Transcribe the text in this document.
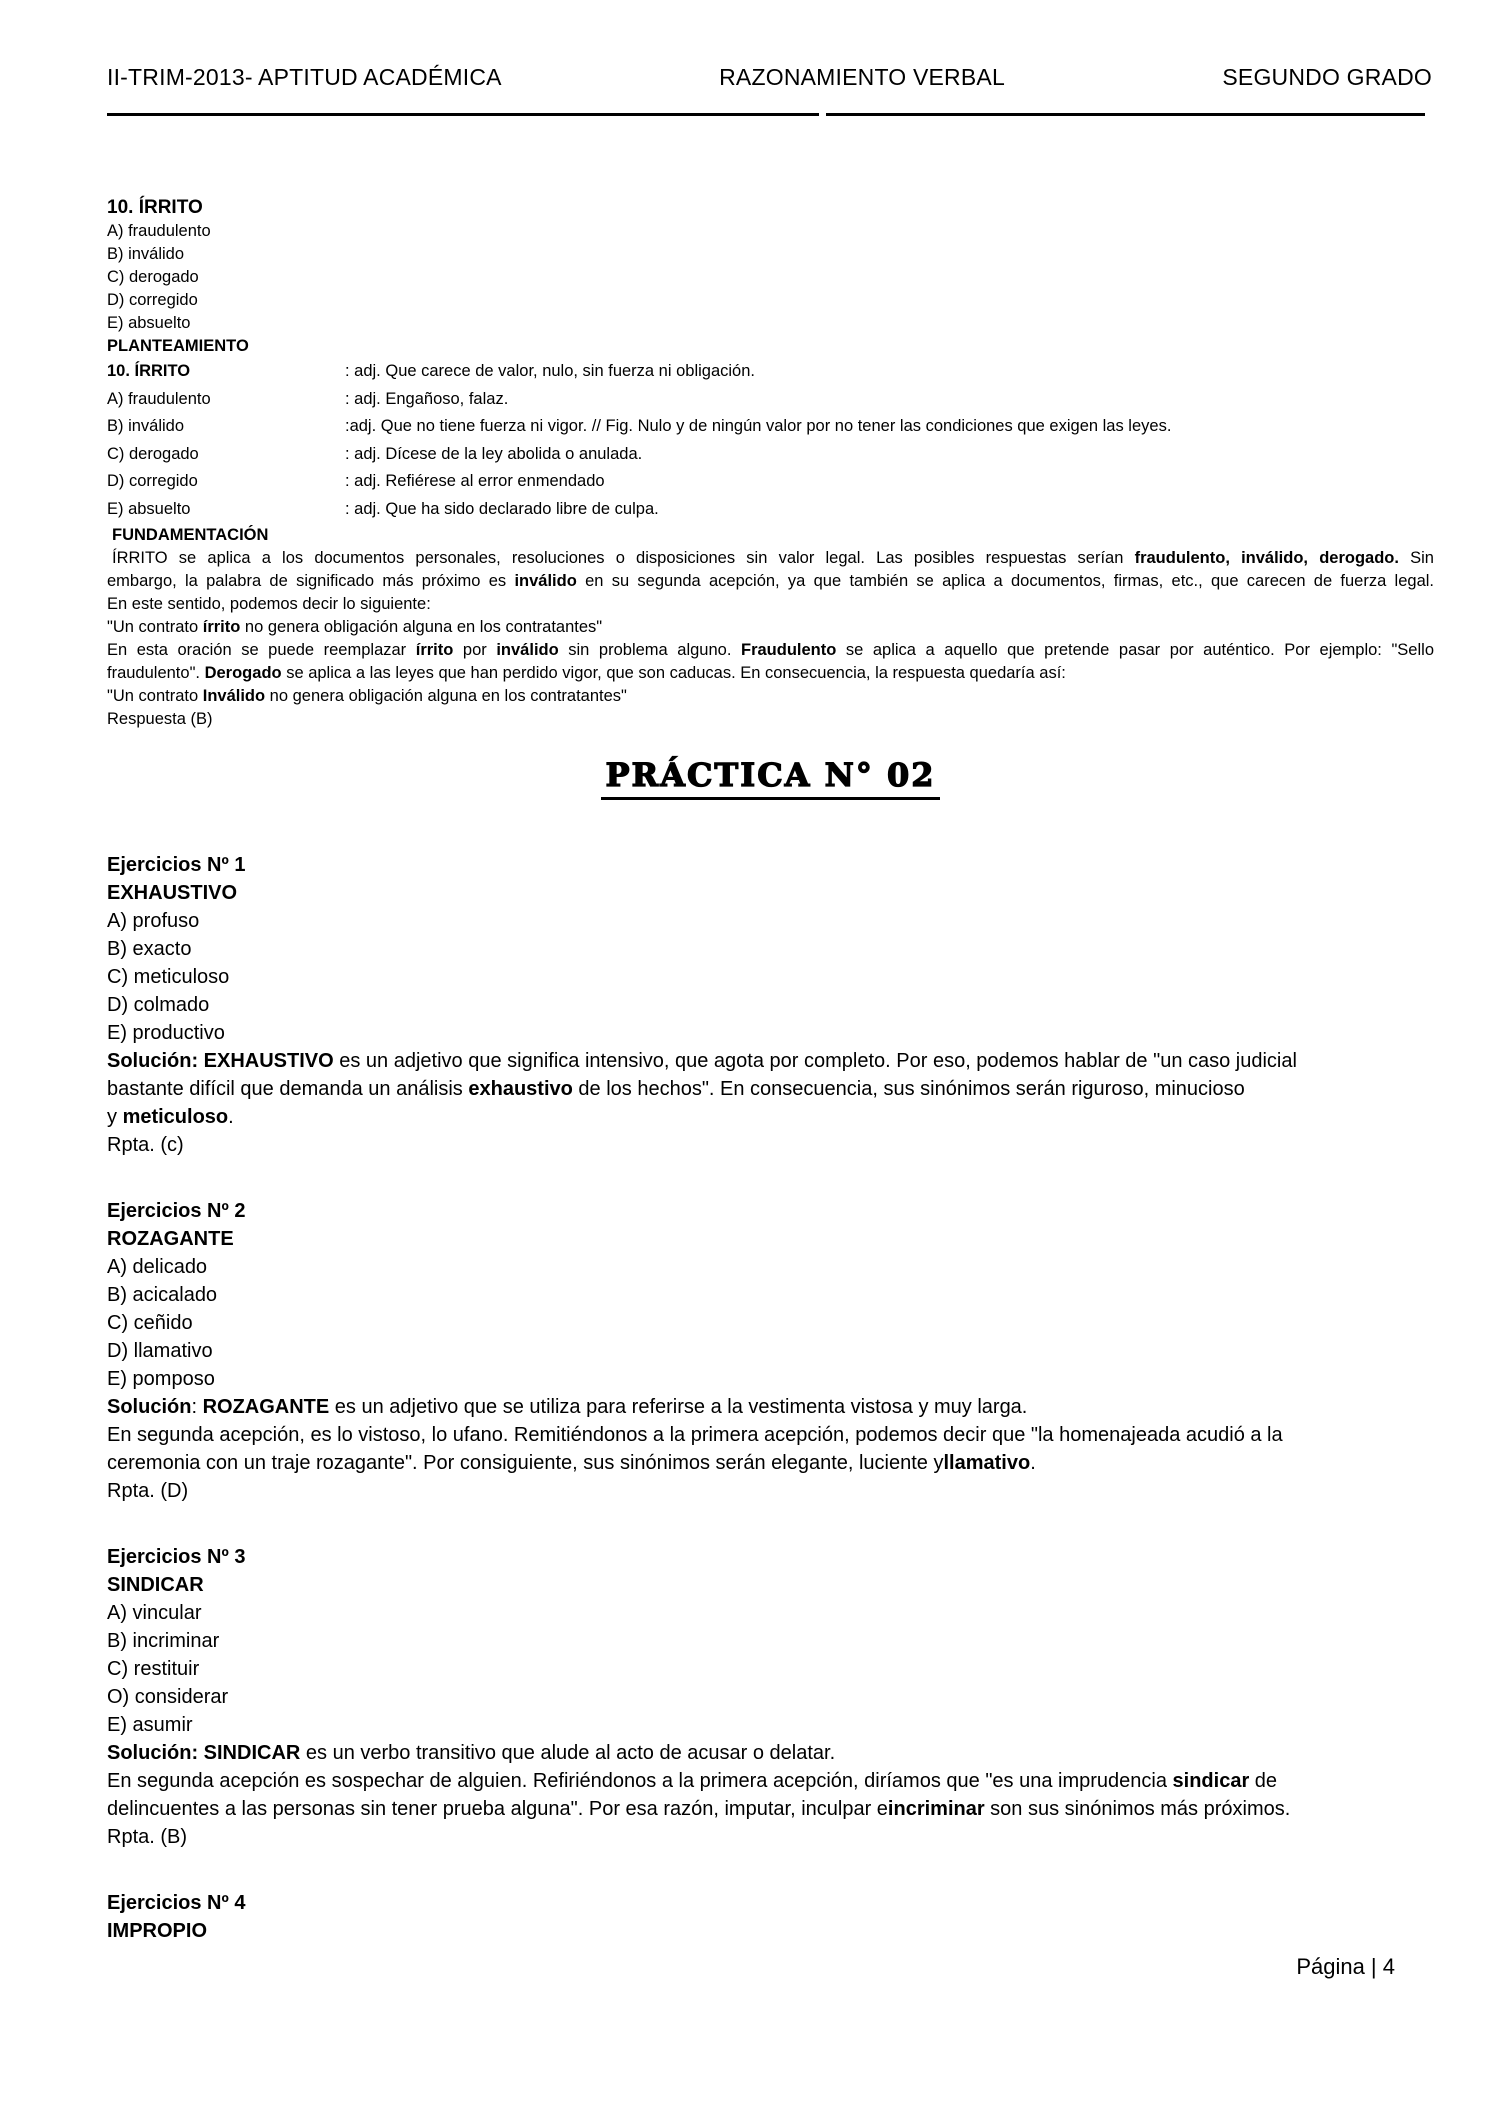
II-TRIM-2013- APTITUD ACADÉMICA	RAZONAMIENTO VERBAL	SEGUNDO GRADO
10. ÍRRITO
A) fraudulento
B) inválido
C) derogado
D) corregido
E) absuelto
PLANTEAMIENTO
10. ÍRRITO	: adj. Que carece de valor, nulo, sin fuerza ni obligación.
A) fraudulento	: adj. Engañoso, falaz.
B) inválido	:adj. Que no tiene fuerza ni vigor. // Fig. Nulo y de ningún valor por no tener las condiciones que exigen las leyes.
C) derogado	: adj. Dícese de la ley abolida o anulada.
D) corregido	: adj. Refiérese al error enmendado
E) absuelto	: adj. Que ha sido declarado libre de culpa.
FUNDAMENTACIÓN
ÍRRITO se aplica a los documentos personales, resoluciones o disposiciones sin valor legal. Las posibles respuestas serían fraudulento, inválido, derogado. Sin
embargo, la palabra de significado más próximo es inválido en su segunda acepción, ya que también se aplica a documentos, firmas, etc., que carecen de fuerza legal.
En este sentido, podemos decir lo siguiente:
"Un contrato írrito no genera obligación alguna en los contratantes"
En esta oración se puede reemplazar írrito por inválido sin problema alguno. Fraudulento se aplica a aquello que pretende pasar por auténtico. Por ejemplo: "Sello
fraudulento". Derogado se aplica a las leyes que han perdido vigor, que son caducas. En consecuencia, la respuesta quedaría así:
"Un contrato Inválido no genera obligación alguna en los contratantes"
Respuesta (B)
PRÁCTICA N° 02
Ejercicios Nº 1
EXHAUSTIVO
A) profuso
B) exacto
C) meticuloso
D) colmado
E) productivo
Solución: EXHAUSTIVO es un adjetivo que significa intensivo, que agota por completo. Por eso, podemos hablar de "un caso judicial
bastante difícil que demanda un análisis exhaustivo de los hechos". En consecuencia, sus sinónimos serán riguroso, minucioso
y meticuloso.
Rpta. (c)
Ejercicios Nº 2
ROZAGANTE
A) delicado
B) acicalado
C) ceñido
D) llamativo
E) pomposo
Solución: ROZAGANTE es un adjetivo que se utiliza para referirse a la vestimenta vistosa y muy larga.
En segunda acepción, es lo vistoso, lo ufano. Remitiéndonos a la primera acepción, podemos decir que "la homenajeada acudió a la
ceremonia con un traje rozagante". Por consiguiente, sus sinónimos serán elegante, luciente yllamativo.
Rpta. (D)
Ejercicios Nº 3
SINDICAR
A) vincular
B) incriminar
C) restituir
O) considerar
E) asumir
Solución: SINDICAR es un verbo transitivo que alude al acto de acusar o delatar.
En segunda acepción es sospechar de alguien. Refiriéndonos a la primera acepción, diríamos que "es una imprudencia sindicar de
delincuentes a las personas sin tener prueba alguna". Por esa razón, imputar, inculpar eincriminar son sus sinónimos más próximos.
Rpta. (B)
Ejercicios Nº 4
IMPROPIO
Página | 4
